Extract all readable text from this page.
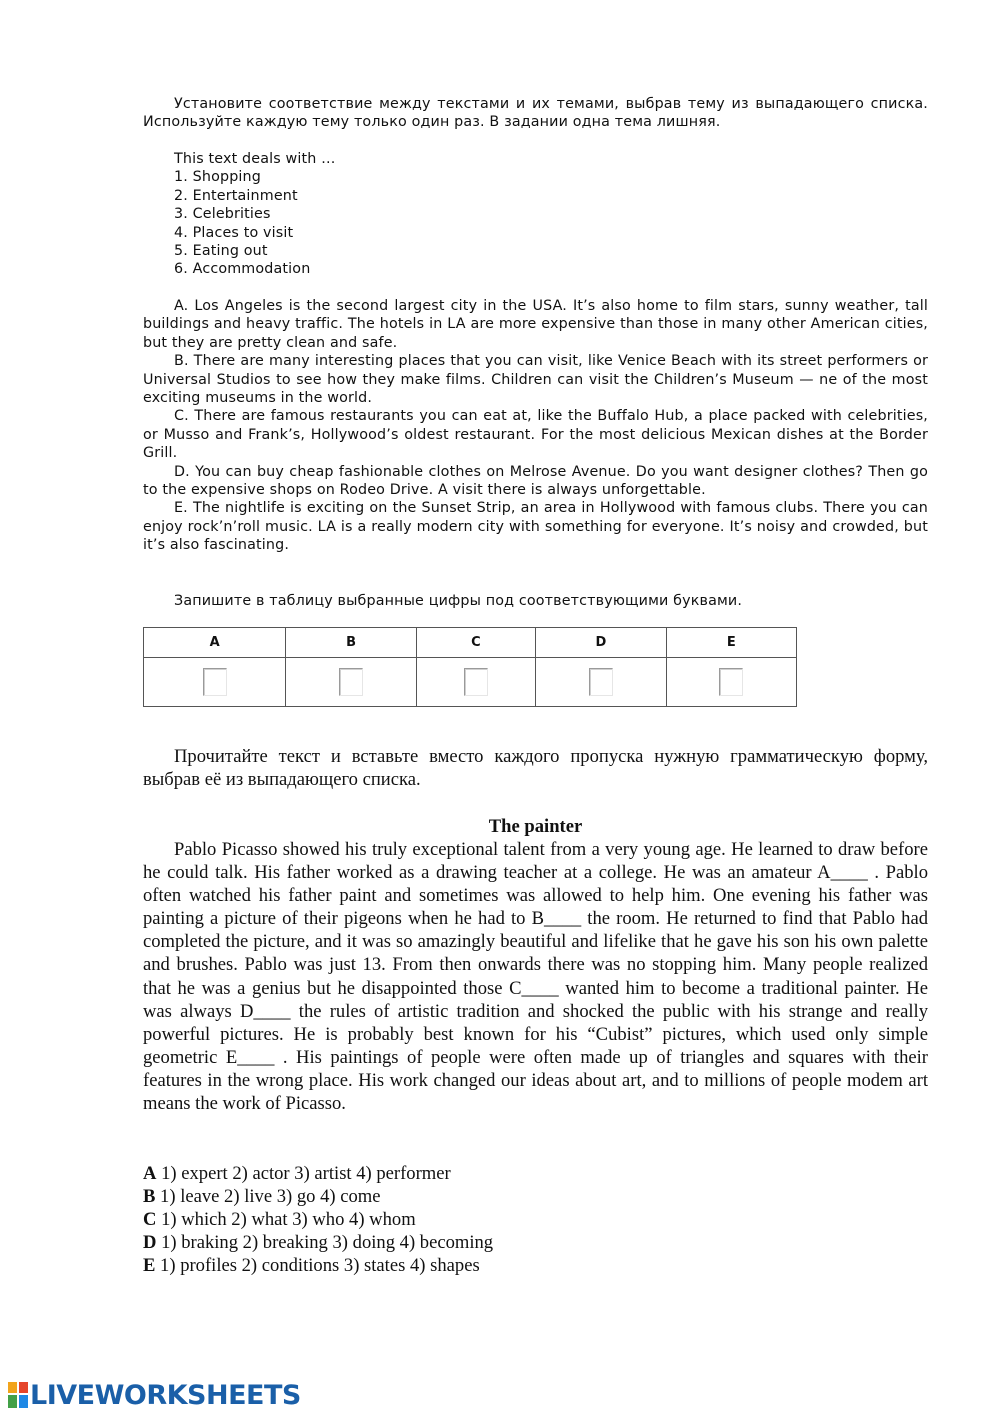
Установите соответствие между текстами и их темами, выбрав тему из выпадающего списка. Используйте каждую тему только один раз. В задании одна тема лишняя.

This text deals with …
1. Shopping
2. Entertainment
3. Celebrities
4. Places to visit
5. Eating out
6. Accommodation

A. Los Angeles is the second largest city in the USA. It’s also home to film stars, sunny weather, tall buildings and heavy traffic. The hotels in LA are more expensive than those in many other American cities, but they are pretty clean and safe.

B. There are many interesting places that you can visit, like Venice Beach with its street performers or Universal Studios to see how they make films. Children can visit the Children’s Museum — ne of the most exciting museums in the world.

C. There are famous restaurants you can eat at, like the Buffalo Hub, a place packed with celebrities, or Musso and Frank’s, Hollywood’s oldest restaurant. For the most delicious Mexican dishes at the Border Grill.

D. You can buy cheap fashionable clothes on Melrose Avenue. Do you want designer clothes? Then go to the expensive shops on Rodeo Drive. A visit there is always unforgettable.

E. The nightlife is exciting on the Sunset Strip, an area in Hollywood with famous clubs. There you can enjoy rock’n’roll music. LA is a really modern city with something for everyone. It’s noisy and crowded, but it’s also fascinating.

Запишите в таблицу выбранные цифры под соответствующими буквами.

A	B	C	D	E

Прочитайте текст и вставьте вместо каждого пропуска нужную грамматическую форму, выбрав её из выпадающего списка.

The painter

Pablo Picasso showed his truly exceptional talent from a very young age. He learned to draw before he could talk. His father worked as a drawing teacher at a college. He was an amateur A____ . Pablo often watched his father paint and sometimes was allowed to help him. One evening his father was painting a picture of their pigeons when he had to B____ the room. He returned to find that Pablo had completed the picture, and it was so amazingly beautiful and lifelike that he gave his son his own palette and brushes. Pablo was just 13. From then onwards there was no stopping him. Many people realized that he was a genius but he disappointed those C____ wanted him to become a traditional painter. He was always D____ the rules of artistic tradition and shocked the public with his strange and really powerful pictures. He is probably best known for his “Cubist” pictures, which used only simple geometric E____ . His paintings of people were often made up of triangles and squares with their features in the wrong place. His work changed our ideas about art, and to millions of people modem art means the work of Picasso.

A 1) expert 2) actor 3) artist 4) performer
B 1) leave 2) live 3) go 4) come
C 1) which 2) what 3) who 4) whom
D 1) braking 2) breaking 3) doing 4) becoming
E 1) profiles 2) conditions 3) states 4) shapes
LIVEWORKSHEETS
